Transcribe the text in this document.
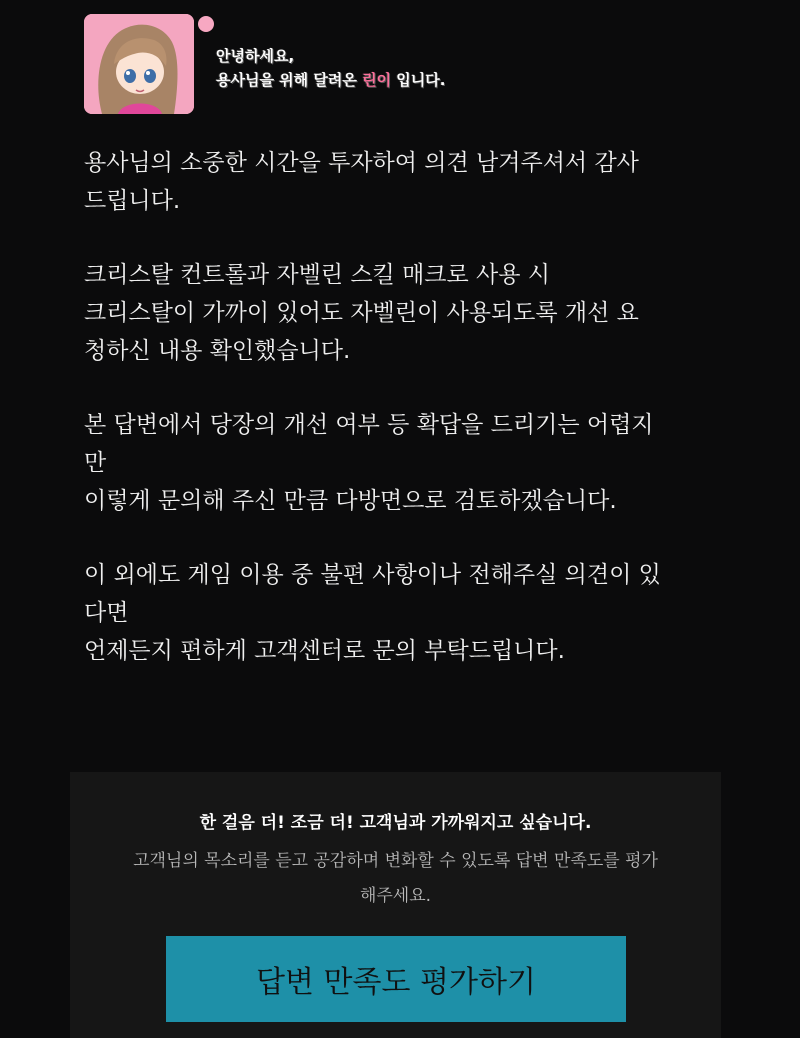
안녕하세요,
용사님을 위해 달려온 린이 입니다.

용사님의 소중한 시간을 투자하여 의견 남겨주셔서 감사
드립니다.

크리스탈 컨트롤과 자벨린 스킬 매크로 사용 시
크리스탈이 가까이 있어도 자벨린이 사용되도록 개선 요
청하신 내용 확인했습니다.

본 답변에서 당장의 개선 여부 등 확답을 드리기는 어렵지
만
이렇게 문의해 주신 만큼 다방면으로 검토하겠습니다.

이 외에도 게임 이용 중 불편 사항이나 전해주실 의견이 있
다면
언제든지 편하게 고객센터로 문의 부탁드립니다.

한 걸음 더! 조금 더! 고객님과 가까워지고 싶습니다.
고객님의 목소리를 듣고 공감하며 변화할 수 있도록 답변 만족도를 평가
해주세요.
답변 만족도 평가하기
